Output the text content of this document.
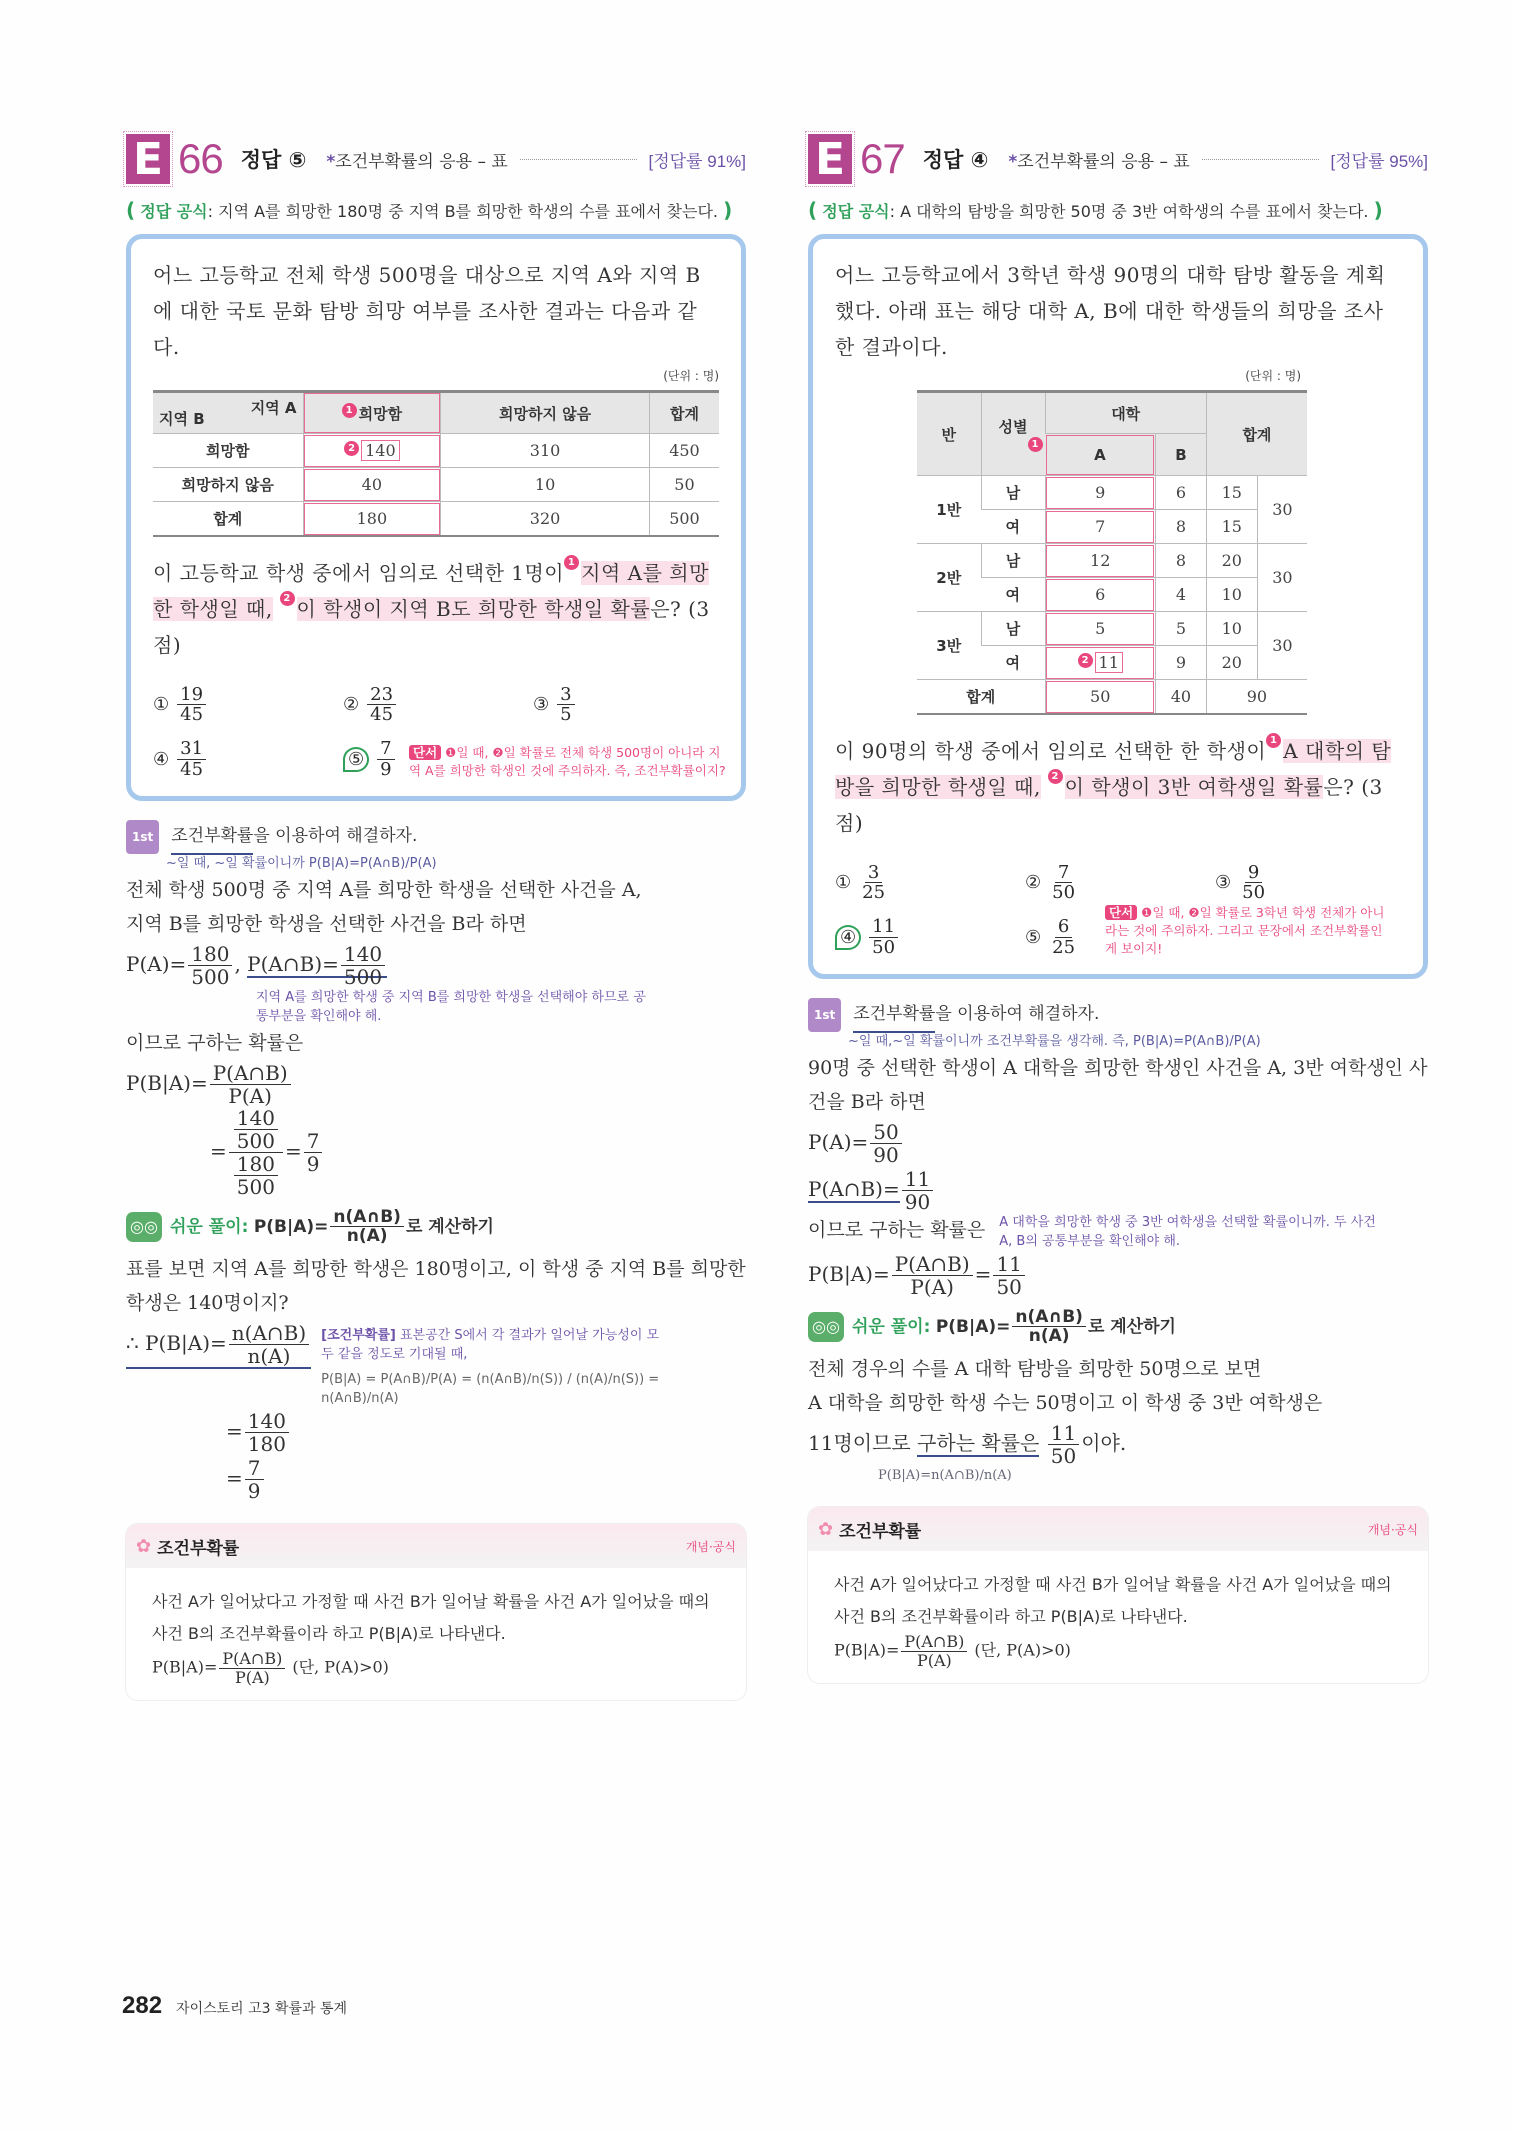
E 66 정답 ⑤ *조건부확률의 응용 – 표	[정답률 91%]
( 정답 공식: 지역 A를 희망한 180명 중 지역 B를 희망한 학생의 수를 표에서 찾는다. )
어느 고등학교 전체 학생 500명을 대상으로 지역 A와 지역 B에 대한 국토 문화 탐방 희망 여부를 조사한 결과는 다음과 같다.
(단위 : 명)
지역 A
지역 B	1 희망함	희망하지 않음	합계
희망함	2 140	310	450
희망하지 않음	40	10	50
합계	180	320	500
이 고등학교 학생 중에서 임의로 선택한 1명이 1 지역 A를 희망한 학생일 때, 2 이 학생이 지역 B도 희망한 학생일 확률은? (3점)
① $\frac{19}{45}$	② $\frac{23}{45}$	③ $\frac{3}{5}$
④ $\frac{31}{45}$	⑤ $\frac{7}{9}$	단서 ❶일 때, ❷일 확률로 전체 학생 500명이 아니라 지역 A를 희망한 학생인 것에 주의하자. 즉, 조건부확률이지?
1st	조건부확률 을 이용하여 해결하자.
~일 때, ~일 확률이니까 P(B|A)=P(A∩B)/P(A)
전체 학생 500명 중 지역 A를 희망한 학생을 선택한 사건을 A,
지역 B를 희망한 학생을 선택한 사건을 B라 하면
$P(A)= \frac{180}{500}$ , P(A∩B)= $\frac{140}{500}$
지역 A를 희망한 학생 중 지역 B를 희망한 학생을 선택해야 하므로 공통부분을 확인해야 해.
이므로 구하는 확률은
$P(B|A)= \frac{P(A\cap B)}{P(A)}$
= $\frac{\frac{140}{500}}{\frac{180}{500}} = \frac{7}{9}$
◎◎ 쉬운 풀이:
$P(B|A)= \frac{n(A\cap B)}{n(A)}$ 로 계산하기
표를 보면 지역 A를 희망한 학생은 180명이고, 이 학생 중 지역 B를 희망한 학생은 140명이지?
∴ $P(B|A)= \frac{n(A\cap B)}{n(A)}$ [조건부확률] 표본공간 S에서 각 결과가 일어날 가능성이 모두 같을 정도로 기대될 때,
P(B|A) = P(A∩B)/P(A) = (n(A∩B)/n(S)) / (n(A)/n(S)) = n(A∩B)/n(A)
= $\frac{140}{180}$
= $\frac{7}{9}$
✿ 조건부확률	개념·공식
사건 A가 일어났다고 가정할 때 사건 B가 일어날 확률을 사건 A가 일어났을 때의 사건 B의 조건부확률이라 하고 P(B|A)로 나타낸다.
$P(B|A)= \frac{P(A\cap B)}{P(A)}$ (단, P(A)>0)
E 67 정답 ④ *조건부확률의 응용 – 표	[정답률 95%]
( 정답 공식: A 대학의 탐방을 희망한 50명 중 3반 여학생의 수를 표에서 찾는다. )
어느 고등학교에서 3학년 학생 90명의 대학 탐방 활동을 계획했다. 아래 표는 해당 대학 A, B에 대한 학생들의 희망을 조사한 결과이다.
(단위 : 명)
반	성별

1	대학		합계	
		A	B		
1반	남	9	6	15	30
	여	7	8	15	
2반	남	12	8	20	30
	여	6	4	10	
3반	남	5	5	10	30
	여	2 11	9	20	
합계		50	40	90	
이 90명의 학생 중에서 임의로 선택한 한 학생이 1 A 대학의 탐방을 희망한 학생일 때, 2 이 학생이 3반 여학생일 확률은? (3점)
① $\frac{3}{25}$	② $\frac{7}{50}$	③ $\frac{9}{50}$
④ $\frac{11}{50}$	⑤ $\frac{6}{25}$
단서 ❶일 때, ❷일 확률로 3학년 학생 전체가 아니라는 것에 주의하자. 그리고 문장에서 조건부확률인 게 보이지!
1st	조건부확률 을 이용하여 해결하자.
~일 때,~일 확률이니까 조건부확률을 생각해. 즉, P(B|A)=P(A∩B)/P(A)
90명 중 선택한 학생이 A 대학을 희망한 학생인 사건을 A, 3반 여학생인 사건을 B라 하면
$P(A)= \frac{50}{90}$
P(A∩B)= $\frac{11}{90}$
이므로 구하는 확률은 A 대학을 희망한 학생 중 3반 여학생을 선택할 확률이니까. 두 사건 A, B의 공통부분을 확인해야 해.
$P(B|A)= \frac{P(A\cap B)}{P(A)} = \frac{11}{50}$
◎◎ 쉬운 풀이:
$P(B|A)= \frac{n(A\cap B)}{n(A)}$ 로 계산하기
전체 경우의 수를 A 대학 탐방을 희망한 50명으로 보면
A 대학을 희망한 학생 수는 50명이고 이 학생 중 3반 여학생은
11명이므로 구하는 확률은 $\frac{11}{50}$ 이야.
P(B|A)=n(A∩B)/n(A)
✿ 조건부확률	개념·공식
사건 A가 일어났다고 가정할 때 사건 B가 일어날 확률을 사건 A가 일어났을 때의 사건 B의 조건부확률이라 하고 P(B|A)로 나타낸다.
$P(B|A)= \frac{P(A\cap B)}{P(A)}$ (단, P(A)>0)
282 자이스토리 고3 확률과 통계
